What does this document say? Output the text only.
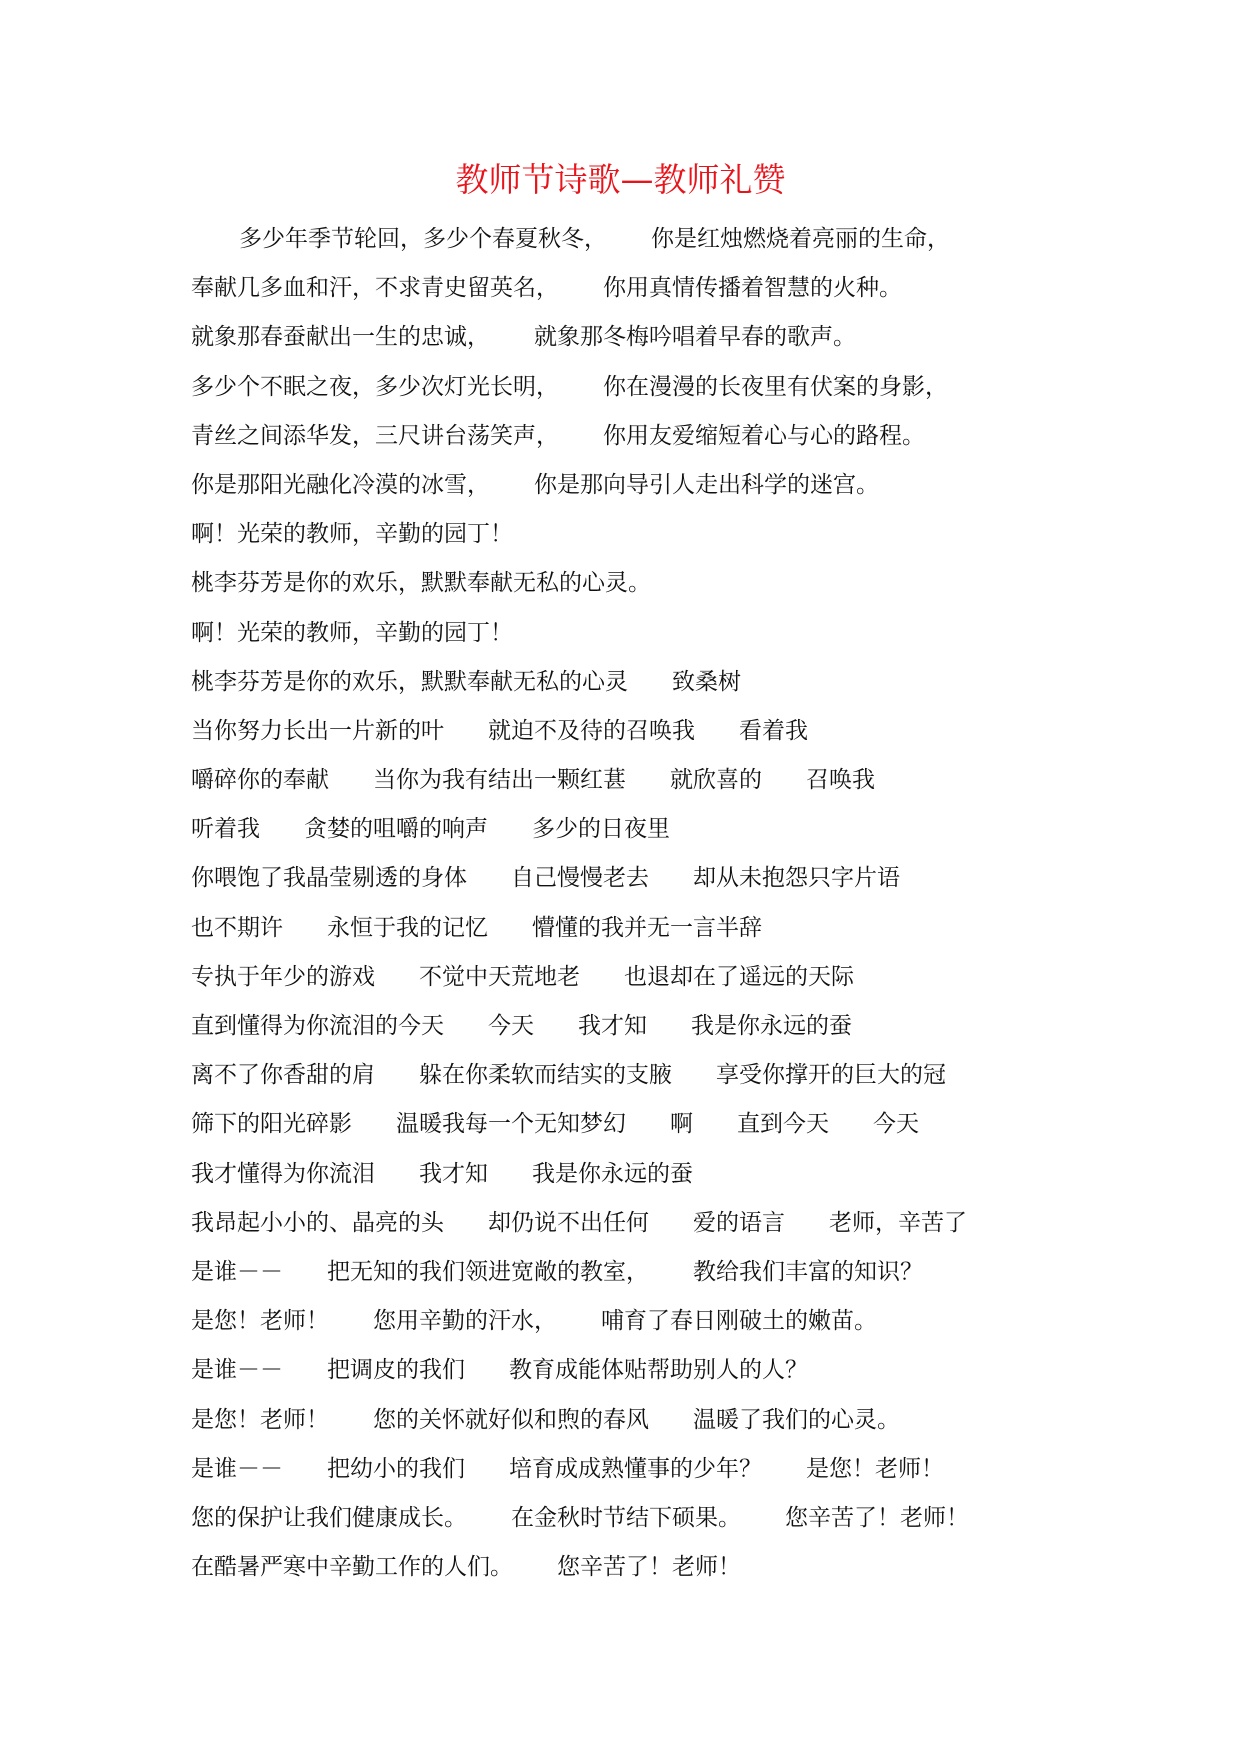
教师节诗歌—教师礼赞
多少年季节轮回，多少个春夏秋冬， 你是红烛燃烧着亮丽的生命，
奉献几多血和汗，不求青史留英名， 你用真情传播着智慧的火种。
就象那春蚕献出一生的忠诚， 就象那冬梅吟唱着早春的歌声。
多少个不眠之夜，多少次灯光长明， 你在漫漫的长夜里有伏案的身影，
青丝之间添华发，三尺讲台荡笑声， 你用友爱缩短着心与心的路程。
你是那阳光融化冷漠的冰雪， 你是那向导引人走出科学的迷宫。
啊！光荣的教师，辛勤的园丁！
桃李芬芳是你的欢乐，默默奉献无私的心灵。
啊！光荣的教师，辛勤的园丁！
桃李芬芳是你的欢乐，默默奉献无私的心灵 致桑树
当你努力长出一片新的叶 就迫不及待的召唤我 看着我
嚼碎你的奉献 当你为我有结出一颗红葚 就欣喜的 召唤我
听着我 贪婪的咀嚼的响声 多少的日夜里
你喂饱了我晶莹剔透的身体 自己慢慢老去 却从未抱怨只字片语
也不期许 永恒于我的记忆 懵懂的我并无一言半辞
专执于年少的游戏 不觉中天荒地老 也退却在了遥远的天际
直到懂得为你流泪的今天 今天 我才知 我是你永远的蚕
离不了你香甜的肩 躲在你柔软而结实的支腋 享受你撑开的巨大的冠
筛下的阳光碎影 温暖我每一个无知梦幻 啊 直到今天 今天
我才懂得为你流泪 我才知 我是你永远的蚕
我昂起小小的、晶亮的头 却仍说不出任何 爱的语言 老师，辛苦了
是谁－－ 把无知的我们领进宽敞的教室， 教给我们丰富的知识？
是您！老师！ 您用辛勤的汗水， 哺育了春日刚破土的嫩苗。
是谁－－ 把调皮的我们 教育成能体贴帮助别人的人？
是您！老师！ 您的关怀就好似和煦的春风 温暖了我们的心灵。
是谁－－ 把幼小的我们 培育成成熟懂事的少年？ 是您！老师！
您的保护让我们健康成长。 在金秋时节结下硕果。 您辛苦了！老师！
在酷暑严寒中辛勤工作的人们。 您辛苦了！老师！
